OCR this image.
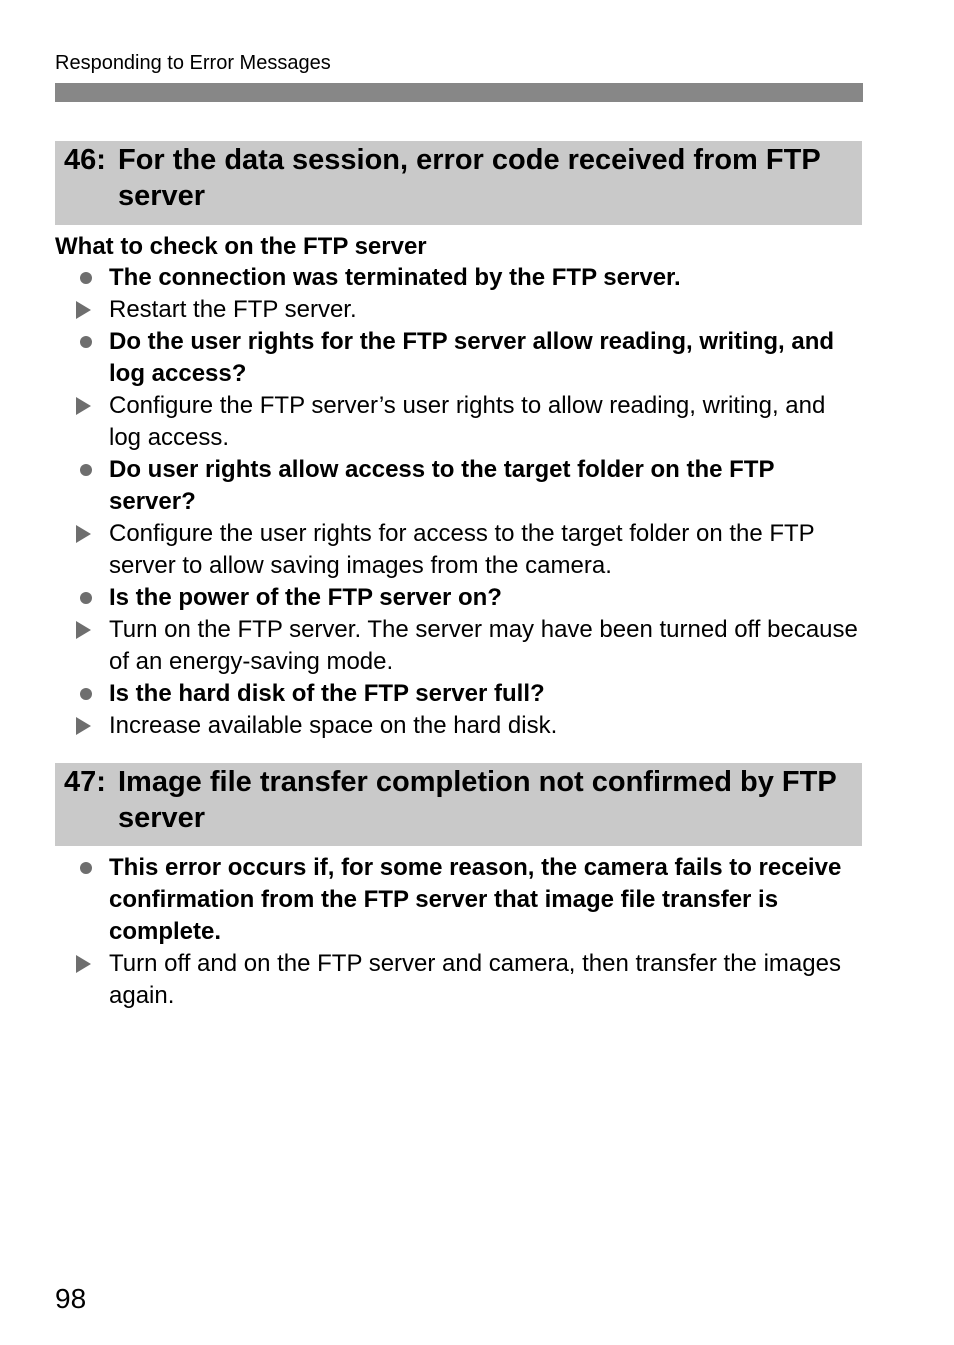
Responding to Error Messages
46: For the data session, error code received from FTP server
What to check on the FTP server
The connection was terminated by the FTP server.
Restart the FTP server.
Do the user rights for the FTP server allow reading, writing, and log access?
Configure the FTP server’s user rights to allow reading, writing, and log access.
Do user rights allow access to the target folder on the FTP server?
Configure the user rights for access to the target folder on the FTP server to allow saving images from the camera.
Is the power of the FTP server on?
Turn on the FTP server. The server may have been turned off because of an energy-saving mode.
Is the hard disk of the FTP server full?
Increase available space on the hard disk.
47: Image file transfer completion not confirmed by FTP server
This error occurs if, for some reason, the camera fails to receive confirmation from the FTP server that image file transfer is complete.
Turn off and on the FTP server and camera, then transfer the images again.
98
